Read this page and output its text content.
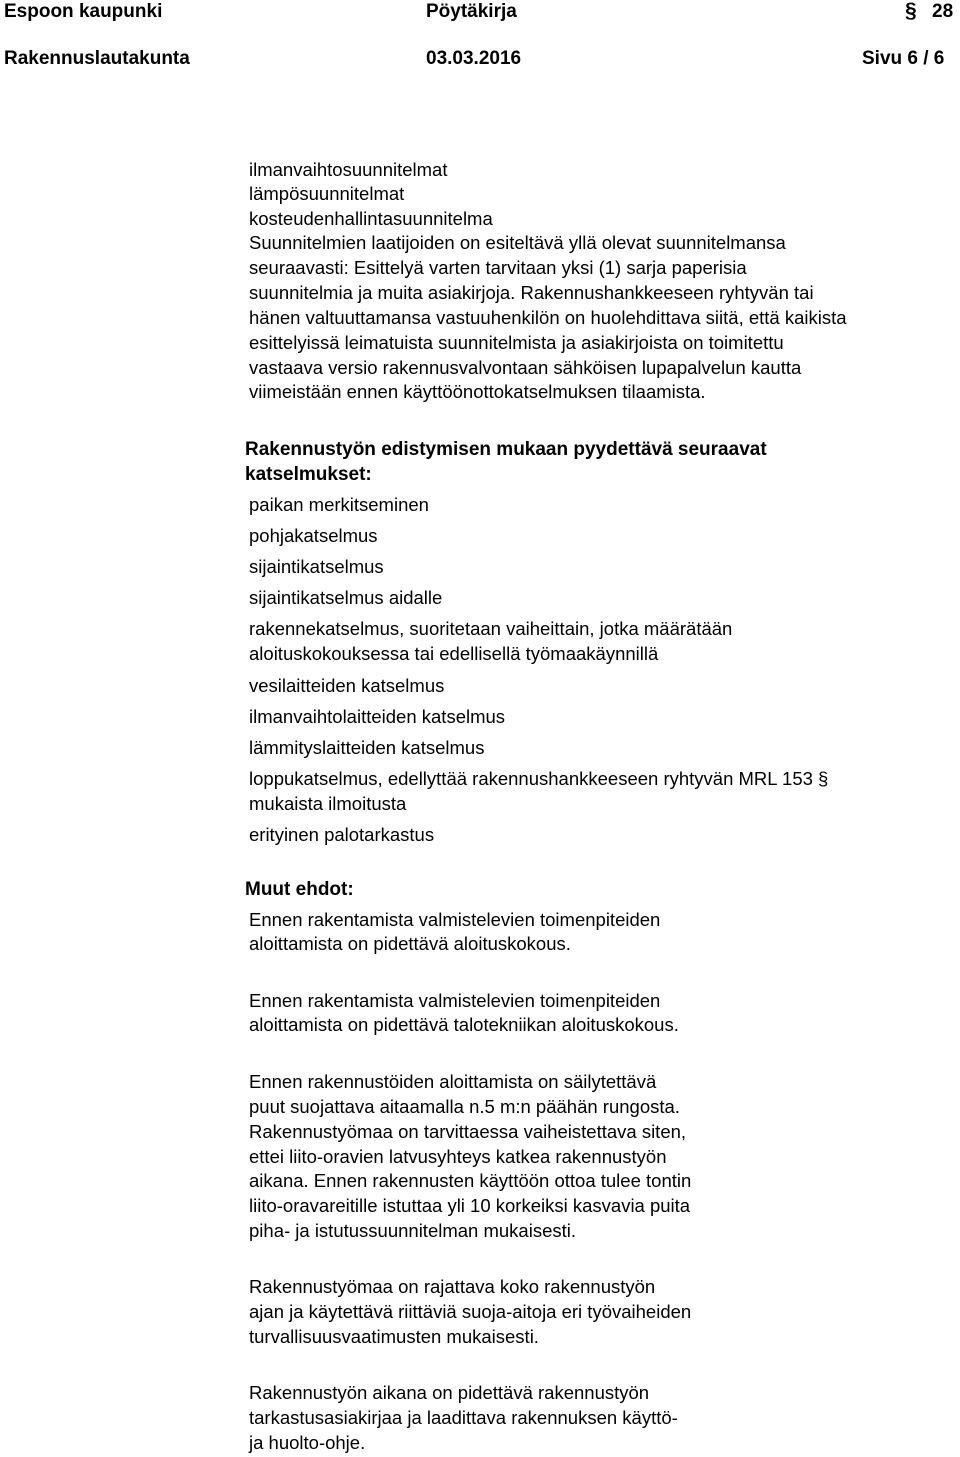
Espoon kaupunki	Pöytäkirja	§ 28
Rakennuslautakunta	03.03.2016	Sivu 6 / 6
ilmanvaihtosuunnitelmat
lämpösuunnitelmat
kosteudenhallintasuunnitelma
Suunnitelmien laatijoiden on esiteltävä yllä olevat suunnitelmansa
seuraavasti: Esittelyä varten tarvitaan yksi (1) sarja paperisia
suunnitelmia ja muita asiakirjoja. Rakennushankkeeseen ryhtyvän tai
hänen valtuuttamansa vastuuhenkilön on huolehdittava siitä, että kaikista
esittelyissä leimatuista suunnitelmista ja asiakirjoista on toimitettu
vastaava versio rakennusvalvontaan sähköisen lupapalvelun kautta
viimeistään ennen käyttöönottokatselmuksen tilaamista.
Rakennustyön edistymisen mukaan pyydettävä seuraavat
katselmukset:
paikan merkitseminen
pohjakatselmus
sijaintikatselmus
sijaintikatselmus aidalle
rakennekatselmus, suoritetaan vaiheittain, jotka määrätään
aloituskokouksessa tai edellisellä työmaakäynnillä
vesilaitteiden katselmus
ilmanvaihtolaitteiden katselmus
lämmityslaitteiden katselmus
loppukatselmus, edellyttää rakennushankkeeseen ryhtyvän MRL 153 §
mukaista ilmoitusta
erityinen palotarkastus
Muut ehdot:
Ennen rakentamista valmistelevien toimenpiteiden
aloittamista on pidettävä aloituskokous.
Ennen rakentamista valmistelevien toimenpiteiden
aloittamista on pidettävä talotekniikan aloituskokous.
Ennen rakennustöiden aloittamista on säilytettävä
puut suojattava aitaamalla n.5 m:n päähän rungosta.
Rakennustyömaa on tarvittaessa vaiheistettava siten,
ettei liito-oravien latvusyhteys katkea rakennustyön
aikana. Ennen rakennusten käyttöön ottoa tulee tontin
liito-oravareitille istuttaa yli 10 korkeiksi kasvavia puita
piha- ja istutussuunnitelman mukaisesti.
Rakennustyömaa on rajattava koko rakennustyön
ajan ja käytettävä riittäviä suoja-aitoja eri työvaiheiden
turvallisuusvaatimusten mukaisesti.
Rakennustyön aikana on pidettävä rakennustyön
tarkastusasiakirjaa ja laadittava rakennuksen käyttö-
ja huolto-ohje.
